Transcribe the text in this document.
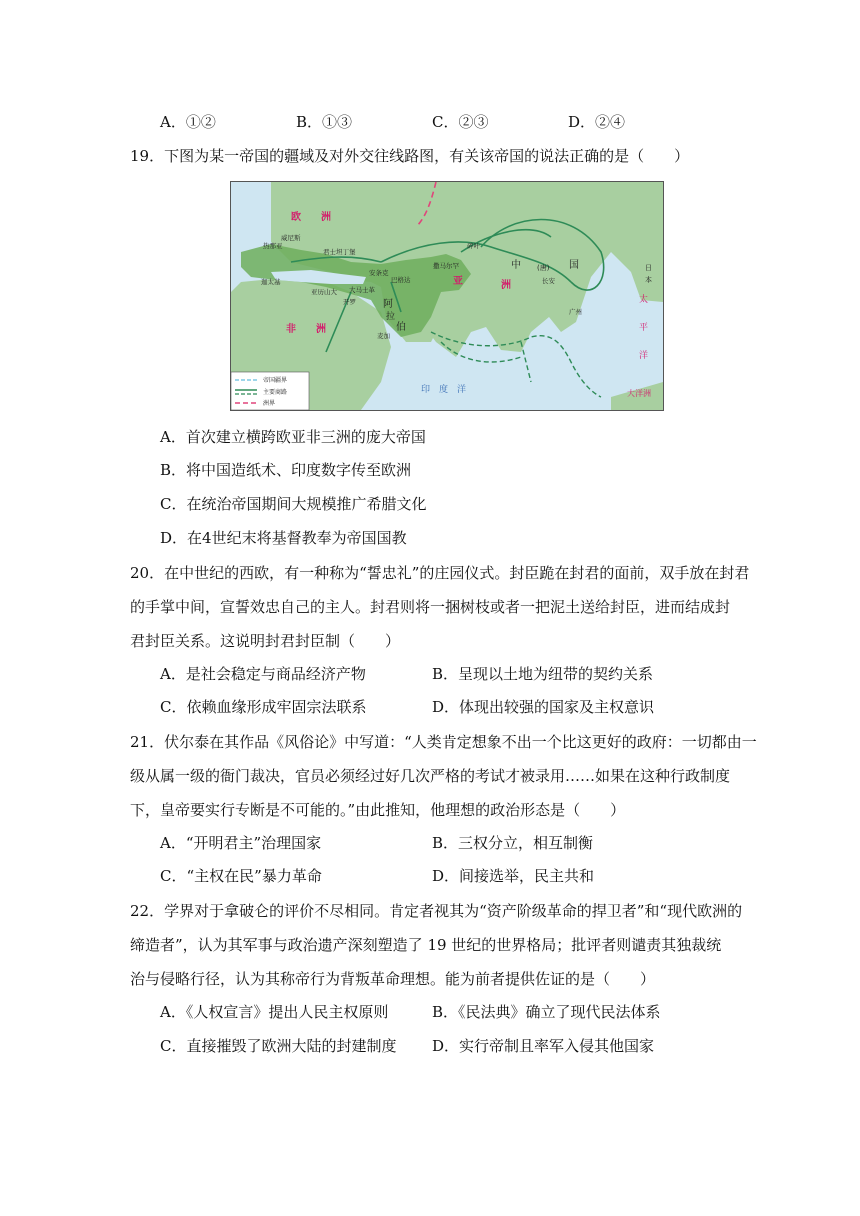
A．①②	B．①③	C．②③	D．②④
19．下图为某一帝国的疆域及对外交往线路图，有关该帝国的说法正确的是（　　）
欧　　洲
非　　洲
亚	洲
中	国
(唐)
阿
拉
伯
印　度　洋
太
平
洋
大洋洲
日
本
威尼斯
热那亚
君士坦丁堡
迦太基
亚历山大
开罗
大马士革
安条克
巴格达
撒马尔罕
碎叶
长安
广州
麦加
帝国疆界
主要商路
洲界
A．首次建立横跨欧亚非三洲的庞大帝国
B．将中国造纸术、印度数字传至欧洲
C．在统治帝国期间大规模推广希腊文化
D．在4世纪末将基督教奉为帝国国教
20．在中世纪的西欧，有一种称为“誓忠礼”的庄园仪式。封臣跪在封君的面前，双手放在封君
的手掌中间，宣誓效忠自己的主人。封君则将一捆树枝或者一把泥土送给封臣，进而结成封
君封臣关系。这说明封君封臣制（　　）
A．是社会稳定与商品经济产物	B．呈现以土地为纽带的契约关系
C．依赖血缘形成牢固宗法联系	D．体现出较强的国家及主权意识
21．伏尔泰在其作品《风俗论》中写道：“人类肯定想象不出一个比这更好的政府：一切都由一
级从属一级的衙门裁决，官员必须经过好几次严格的考试才被录用……如果在这种行政制度
下，皇帝要实行专断是不可能的。”由此推知，他理想的政治形态是（　　）
A．“开明君主”治理国家	B．三权分立，相互制衡
C．“主权在民”暴力革命	D．间接选举，民主共和
22．学界对于拿破仑的评价不尽相同。肯定者视其为“资产阶级革命的捍卫者”和“现代欧洲的
缔造者”，认为其军事与政治遗产深刻塑造了 19 世纪的世界格局；批评者则谴责其独裁统
治与侵略行径，认为其称帝行为背叛革命理想。能为前者提供佐证的是（　　）
A．《人权宣言》提出人民主权原则	B．《民法典》确立了现代民法体系
C．直接摧毁了欧洲大陆的封建制度 D．实行帝制且率军入侵其他国家
